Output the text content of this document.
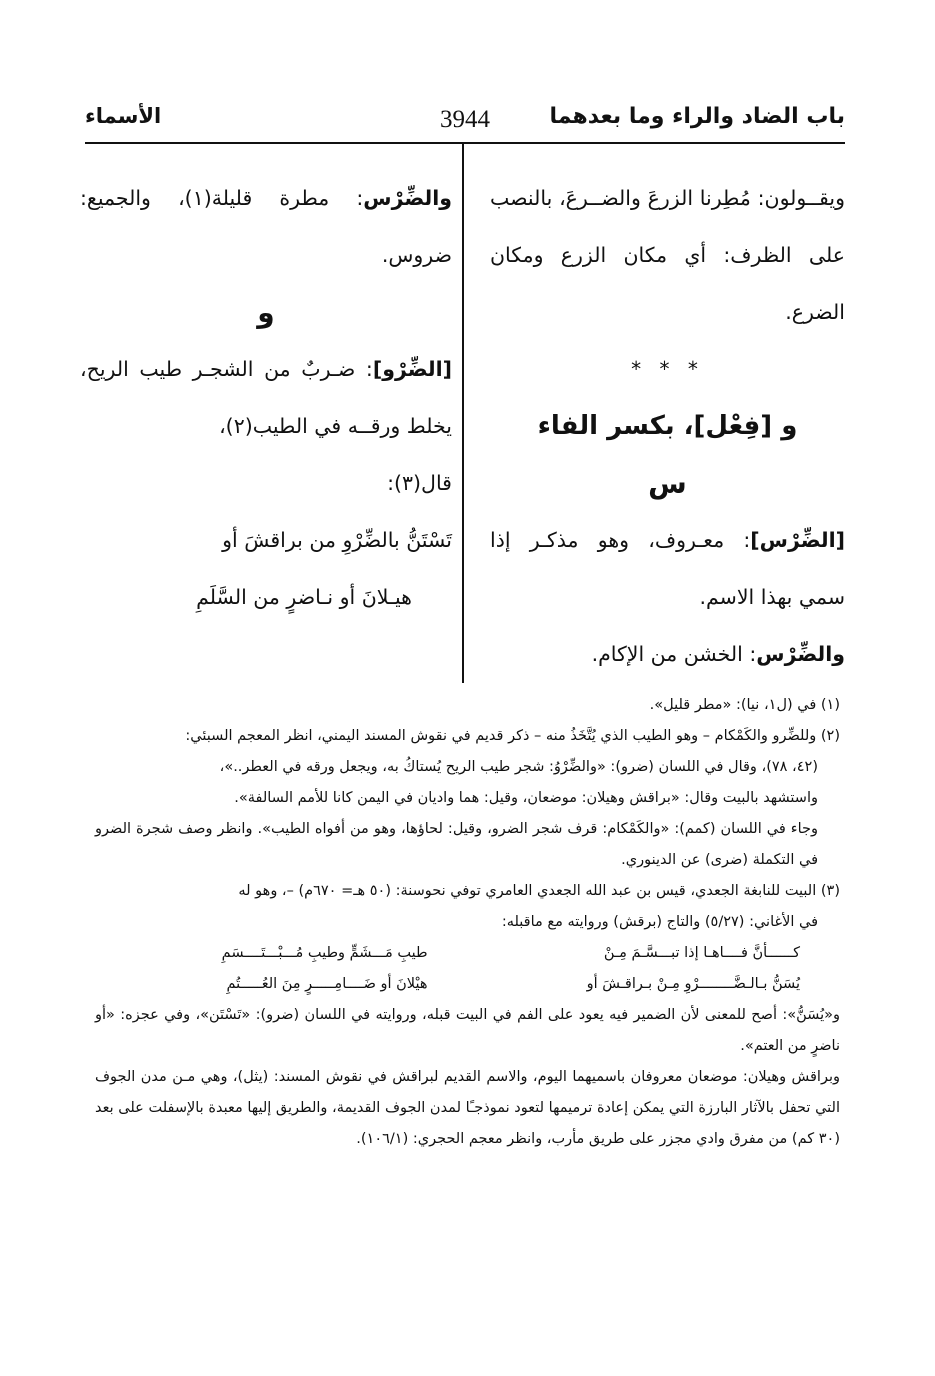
باب الضاد والراء وما بعدهما
3944
الأسماء

ويقــولون: مُطِرنا الزرعَ والضــرعَ، بالنصب على الظرف: أي مكان الزرع ومكان الضرع.

* * *

و [فِعْل]، بكسر الفاء

س

[الضِّرْس]: معـروف، وهو مذكـر إذا سمي بهذا الاسم.

والضِّرْس: الخشن من الإكام.

والضِّرْس: مطرة قليلة(١)، والجميع: ضروس.

و

[الضِّرْو]: ضـربٌ من الشجـر طيب الريح، يخلط ورقــه في الطيب(٢)،

قال(٣):

تَسْتَنُّ بالضِّرْوِ من براقشَ أو

هيـلانَ أو نـاضرٍ من السَّلَمِ

(١) في (ل١، نيا): «مطر قليل».

(٢) وللضِّرو والكَمْكام – وهو الطيب الذي يُتَّخَذُ منه – ذكر قديم في نقوش المسند اليمني، انظر المعجم السبئي:

(٤٢، ٧٨)، وقال في اللسان (ضرو): «والضِّرْوُ: شجر طيب الريح يُستاكُ به، ويجعل ورقه في العطر..»،

واستشهد بالبيت وقال: «براقش وهيلان: موضعان، وقيل: هما واديان في اليمن كانا للأمم السالفة».

وجاء في اللسان (كمم): «والكَمْكام: قرف شجر الضرو، وقيل: لحاؤها، وهو من أفواه الطيب». وانظر وصف شجرة الضرو في التكملة (ضرى) عن الدينوري.

(٣) البيت للنابغة الجعدي، قيس بن عبد الله الجعدي العامري توفي نحوسنة: (٥٠ هـ= ٦٧٠م) –، وهو له

في الأغاني: (٥/٢٧) والتاج (برقش) وروايته مع ماقبله:

كــــــأنَّ فــــاهـا إذا تبـــسَّـمَ مِـنْ
طيبِ مَـــشَمٍّ وطيبِ مُـــبْـــتَــــسَمِ
يُسَنُّ بـالـضَّــــــــرْوِ مِـنْ بـراقـشَ أو
هيْلانَ أو ضَــــامِـــــرٍ مِنَ العُـــــتُمِ

و«يُسَنُّ»: أصح للمعنى لأن الضمير فيه يعود على الفم في البيت قبله، وروايته في اللسان (ضرو): «تَسْتَن»، وفي عجزه: «أو ناضرٍ من العتم».

وبراقش وهيلان: موضعان معروفان باسميهما اليوم، والاسم القديم لبراقش في نقوش المسند: (يثل)، وهي مـن مدن الجوف التي تحفل بالآثار البارزة التي يمكن إعادة ترميمها لتعود نموذجـًا لمدن الجوف القديمة، والطريق إليها معبدة بالإسفلت على بعد (٣٠ كم) من مفرق وادي مجزر على طريق مأرب، وانظر معجم الحجري: (١٠٦/١).
